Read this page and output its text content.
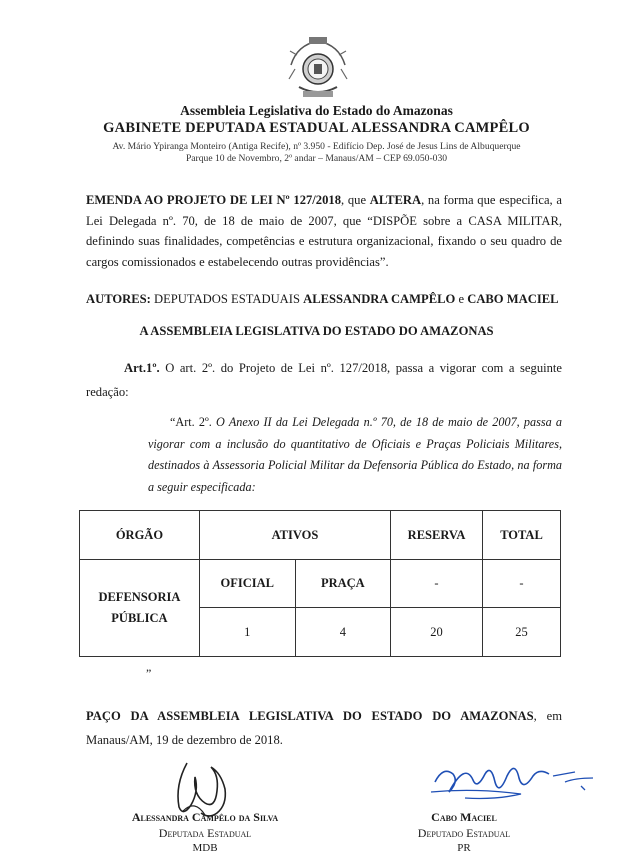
Assembleia Legislativa do Estado do Amazonas
GABINETE DEPUTADA ESTADUAL ALESSANDRA CAMPÊLO
Av. Mário Ypiranga Monteiro (Antiga Recife), nº 3.950 - Edifício Dep. José de Jesus Lins de Albuquerque
Parque 10 de Novembro, 2º andar – Manaus/AM – CEP 69.050-030
EMENDA AO PROJETO DE LEI Nº 127/2018, que ALTERA, na forma que especifica, a Lei Delegada nº. 70, de 18 de maio de 2007, que “DISPÕE sobre a CASA MILITAR, definindo suas finalidades, competências e estrutura organizacional, fixando o seu quadro de cargos comissionados e estabelecendo outras providências”.
AUTORES: DEPUTADOS ESTADUAIS ALESSANDRA CAMPÊLO e CABO MACIEL
A ASSEMBLEIA LEGISLATIVA DO ESTADO DO AMAZONAS
Art.1º. O art. 2º. do Projeto de Lei nº. 127/2018, passa a vigorar com a seguinte redação:
“Art. 2º. O Anexo II da Lei Delegada n.º 70, de 18 de maio de 2007, passa a vigorar com a inclusão do quantitativo de Oficiais e Praças Policiais Militares, destinados à Assessoria Policial Militar da Defensoria Pública do Estado, na forma a seguir especificada:
ÓRGÃO	ATIVOS		RESERVA	TOTAL
DEFENSORIA
PÚBLICA	OFICIAL	PRAÇA	-	-
	1	4	20	25
”
PAÇO DA ASSEMBLEIA LEGISLATIVA DO ESTADO DO AMAZONAS, em Manaus/AM, 19 de dezembro de 2018.
Alessandra Campêlo da Silva
Deputada Estadual
MDB
Cabo Maciel
Deputado Estadual
PR
